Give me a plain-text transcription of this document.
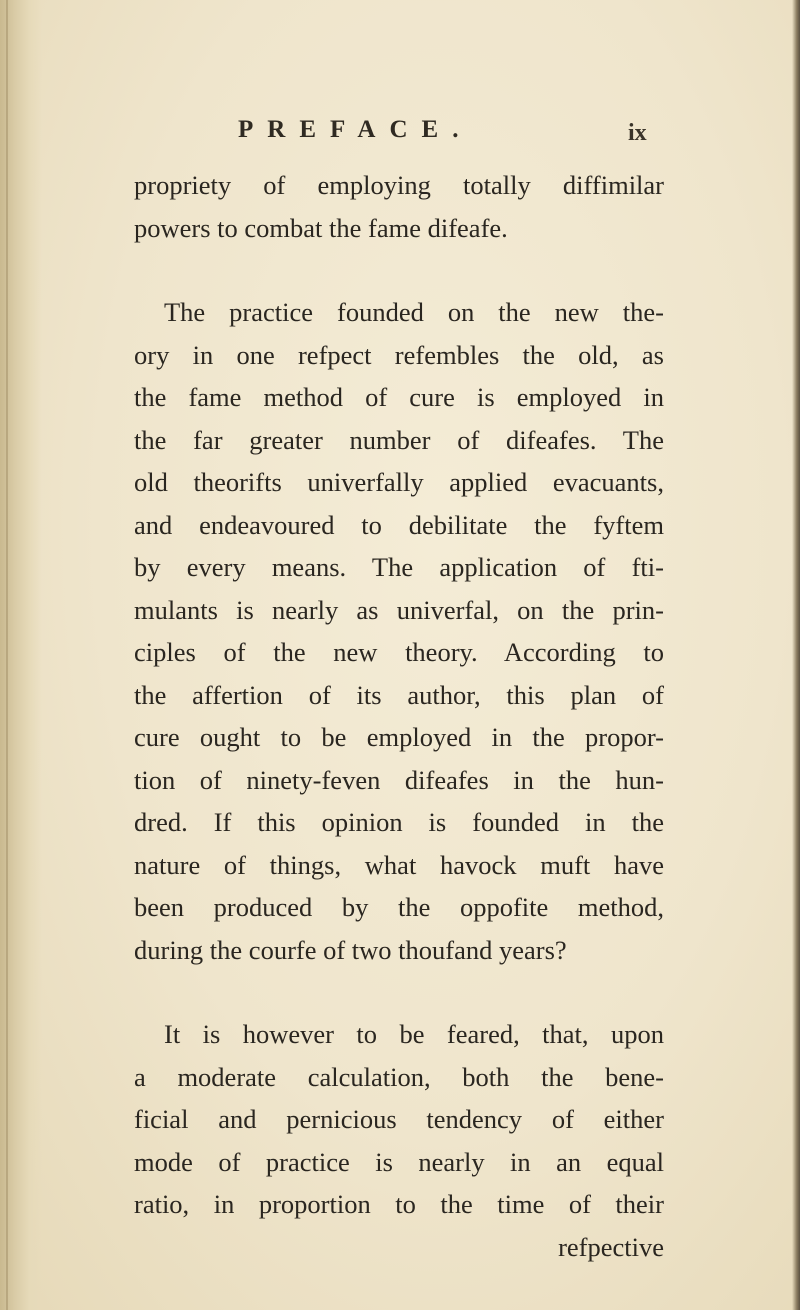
PREFACE.	ix

propriety of employing totally diffimilar
powers to combat the fame difeafe.

The practice founded on the new the-
ory in one refpect refembles the old, as
the fame method of cure is employed in
the far greater number of difeafes. The
old theorifts univerfally applied evacuants,
and endeavoured to debilitate the fyftem
by every means. The application of fti-
mulants is nearly as univerfal, on the prin-
ciples of the new theory. According to
the affertion of its author, this plan of
cure ought to be employed in the propor-
tion of ninety-feven difeafes in the hun-
dred. If this opinion is founded in the
nature of things, what havock muft have
been produced by the oppofite method,
during the courfe of two thoufand years?

It is however to be feared, that, upon
a moderate calculation, both the bene-
ficial and pernicious tendency of either
mode of practice is nearly in an equal
ratio, in proportion to the time of their
refpective
